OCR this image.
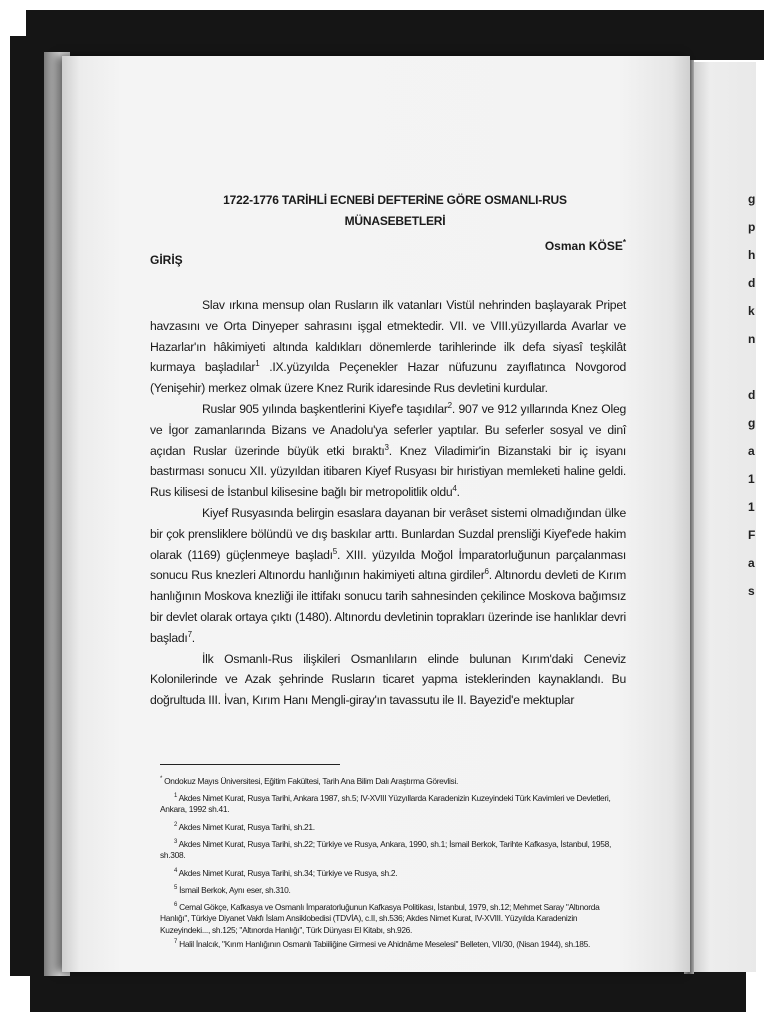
g
p
h
d
k
n
d
g
a
1
1
F
a
s
1722-1776 TARİHLİ ECNEBİ DEFTERİNE GÖRE OSMANLI-RUS
MÜNASEBETLERİ
Osman KÖSE*
GİRİŞ

Slav ırkına mensup olan Rusların ilk vatanları Vistül nehrinden başlayarak Pripet havzasını ve Orta Dinyeper sahrasını işgal etmektedir. VII. ve VIII.yüzyıllarda Avarlar ve Hazarlar'ın hâkimiyeti altında kaldıkları dönemlerde tarihlerinde ilk defa siyasî teşkilât kurmaya başladılar$^1$ .IX.yüzyılda Peçenekler Hazar nüfuzunu zayıflatınca Novgorod (Yenişehir) merkez olmak üzere Knez Rurik idaresinde Rus devletini kurdular.

Ruslar 905 yılında başkentlerini Kiyef'e taşıdılar$^2$. 907 ve 912 yıllarında Knez Oleg ve İgor zamanlarında Bizans ve Anadolu'ya seferler yaptılar. Bu seferler sosyal ve dinî açıdan Ruslar üzerinde büyük etki bıraktı$^3$. Knez Viladimir'in Bizanstaki bir iç isyanı bastırması sonucu XII. yüzyıldan itibaren Kiyef Rusyası bir hıristiyan memleketi haline geldi. Rus kilisesi de İstanbul kilisesine bağlı bir metropolitlik oldu$^4$.

Kiyef Rusyasında belirgin esaslara dayanan bir verâset sistemi olmadığından ülke bir çok prensliklere bölündü ve dış baskılar arttı. Bunlardan Suzdal prensliği Kiyef'ede hakim olarak (1169) güçlenmeye başladı$^5$. XIII. yüzyılda Moğol İmparatorluğunun parçalanması sonucu Rus knezleri Altınordu hanlığının hakimiyeti altına girdiler$^6$. Altınordu devleti de Kırım hanlığının Moskova knezliği ile ittifakı sonucu tarih sahnesinden çekilince Moskova bağımsız bir devlet olarak ortaya çıktı (1480). Altınordu devletinin toprakları üzerinde ise hanlıklar devri başladı$^7$.

İlk Osmanlı-Rus ilişkileri Osmanlıların elinde bulunan Kırım'daki Ceneviz Kolonilerinde ve Azak şehrinde Rusların ticaret yapma isteklerinden kaynaklandı. Bu doğrultuda III. İvan, Kırım Hanı Mengli-giray'ın tavassutu ile II. Bayezid'e mektuplar

* Ondokuz Mayıs Üniversitesi, Eğitim Fakültesi, Tarih Ana Bilim Dalı Araştırma Görevlisi.
$^1$ Akdes Nimet Kurat, Rusya Tarihi, Ankara 1987, sh.5; IV-XVIII Yüzyıllarda Karadenizin Kuzeyindeki Türk Kavimleri ve Devletleri, Ankara, 1992 sh.41.
$^2$ Akdes Nimet Kurat, Rusya Tarihi, sh.21.
$^3$ Akdes Nimet Kurat, Rusya Tarihi, sh.22; Türkiye ve Rusya, Ankara, 1990, sh.1; İsmail Berkok, Tarihte Kafkasya, İstanbul, 1958, sh.308.
$^4$ Akdes Nimet Kurat, Rusya Tarihi, sh.34; Türkiye ve Rusya, sh.2.
$^5$ İsmail Berkok, Aynı eser, sh.310.
$^6$ Cemal Gökçe, Kafkasya ve Osmanlı İmparatorluğunun Kafkasya Politikası, İstanbul, 1979, sh.12; Mehmet Saray "Altınorda Hanlığı", Türkiye Diyanet Vakfı İslam Ansiklobedisi (TDVİA), c.II, sh.536; Akdes Nimet Kurat, IV-XVIII. Yüzyılda Karadenizin Kuzeyindeki..., sh.125; "Altınorda Hanlığı", Türk Dünyası El Kitabı, sh.926.
$^7$ Halil İnalcık, "Kırım Hanlığının Osmanlı Tabiiliğine Girmesi ve Ahidnâme Meselesi" Belleten, VII/30, (Nisan 1944), sh.185.
